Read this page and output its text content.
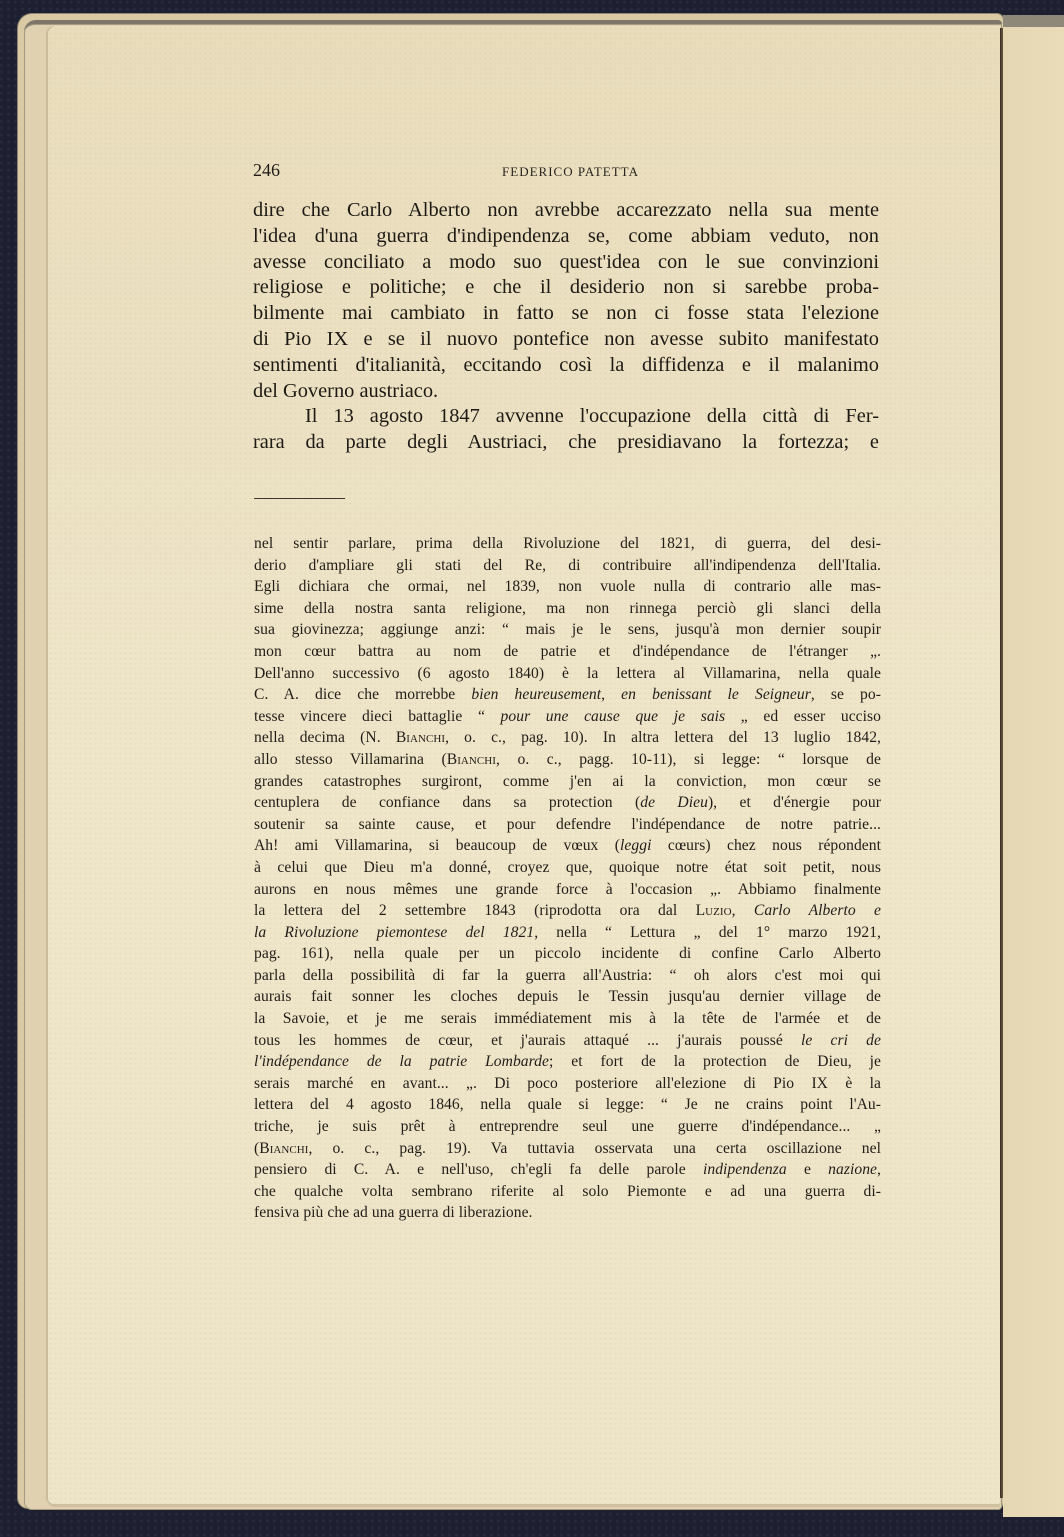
246	FEDERICO PATETTA

dire che Carlo Alberto non avrebbe accarezzato nella sua mente
l'idea d'una guerra d'indipendenza se, come abbiam veduto, non
avesse conciliato a modo suo quest'idea con le sue convinzioni
religiose e politiche; e che il desiderio non si sarebbe proba-
bilmente mai cambiato in fatto se non ci fosse stata l'elezione
di Pio IX e se il nuovo pontefice non avesse subito manifestato
sentimenti d'italianità, eccitando così la diffidenza e il malanimo
del Governo austriaco.

Il 13 agosto 1847 avvenne l'occupazione della città di Fer-
rara da parte degli Austriaci, che presidiavano la fortezza; e

nel sentir parlare, prima della Rivoluzione del 1821, di guerra, del desi-
derio d'ampliare gli stati del Re, di contribuire all'indipendenza dell'Italia.
Egli dichiara che ormai, nel 1839, non vuole nulla di contrario alle mas-
sime della nostra santa religione, ma non rinnega perciò gli slanci della
sua giovinezza; aggiunge anzi: “ mais je le sens, jusqu'à mon dernier soupir
mon cœur battra au nom de patrie et d'indépendance de l'étranger „.
Dell'anno successivo (6 agosto 1840) è la lettera al Villamarina, nella quale
C. A. dice che morrebbe bien heureusement, en benissant le Seigneur, se po-
tesse vincere dieci battaglie “ pour une cause que je sais „ ed esser ucciso
nella decima (N. Bianchi, o. c., pag. 10). In altra lettera del 13 luglio 1842,
allo stesso Villamarina (Bianchi, o. c., pagg. 10-11), si legge: “ lorsque de
grandes catastrophes surgiront, comme j'en ai la conviction, mon cœur se
centuplera de confiance dans sa protection (de Dieu), et d'énergie pour
soutenir sa sainte cause, et pour defendre l'indépendance de notre patrie...
Ah! ami Villamarina, si beaucoup de vœux (leggi cœurs) chez nous répondent
à celui que Dieu m'a donné, croyez que, quoique notre état soit petit, nous
aurons en nous mêmes une grande force à l'occasion „. Abbiamo finalmente
la lettera del 2 settembre 1843 (riprodotta ora dal Luzio, Carlo Alberto e
la Rivoluzione piemontese del 1821, nella “ Lettura „ del 1° marzo 1921,
pag. 161), nella quale per un piccolo incidente di confine Carlo Alberto
parla della possibilità di far la guerra all'Austria: “ oh alors c'est moi qui
aurais fait sonner les cloches depuis le Tessin jusqu'au dernier village de
la Savoie, et je me serais immédiatement mis à la tête de l'armée et de
tous les hommes de cœur, et j'aurais attaqué ... j'aurais poussé le cri de
l'indépendance de la patrie Lombarde; et fort de la protection de Dieu, je
serais marché en avant... „. Di poco posteriore all'elezione di Pio IX è la
lettera del 4 agosto 1846, nella quale si legge: “ Je ne crains point l'Au-
triche, je suis prêt à entreprendre seul une guerre d'indépendance... „
(Bianchi, o. c., pag. 19). Va tuttavia osservata una certa oscillazione nel
pensiero di C. A. e nell'uso, ch'egli fa delle parole indipendenza e nazione,
che qualche volta sembrano riferite al solo Piemonte e ad una guerra di-
fensiva più che ad una guerra di liberazione.
